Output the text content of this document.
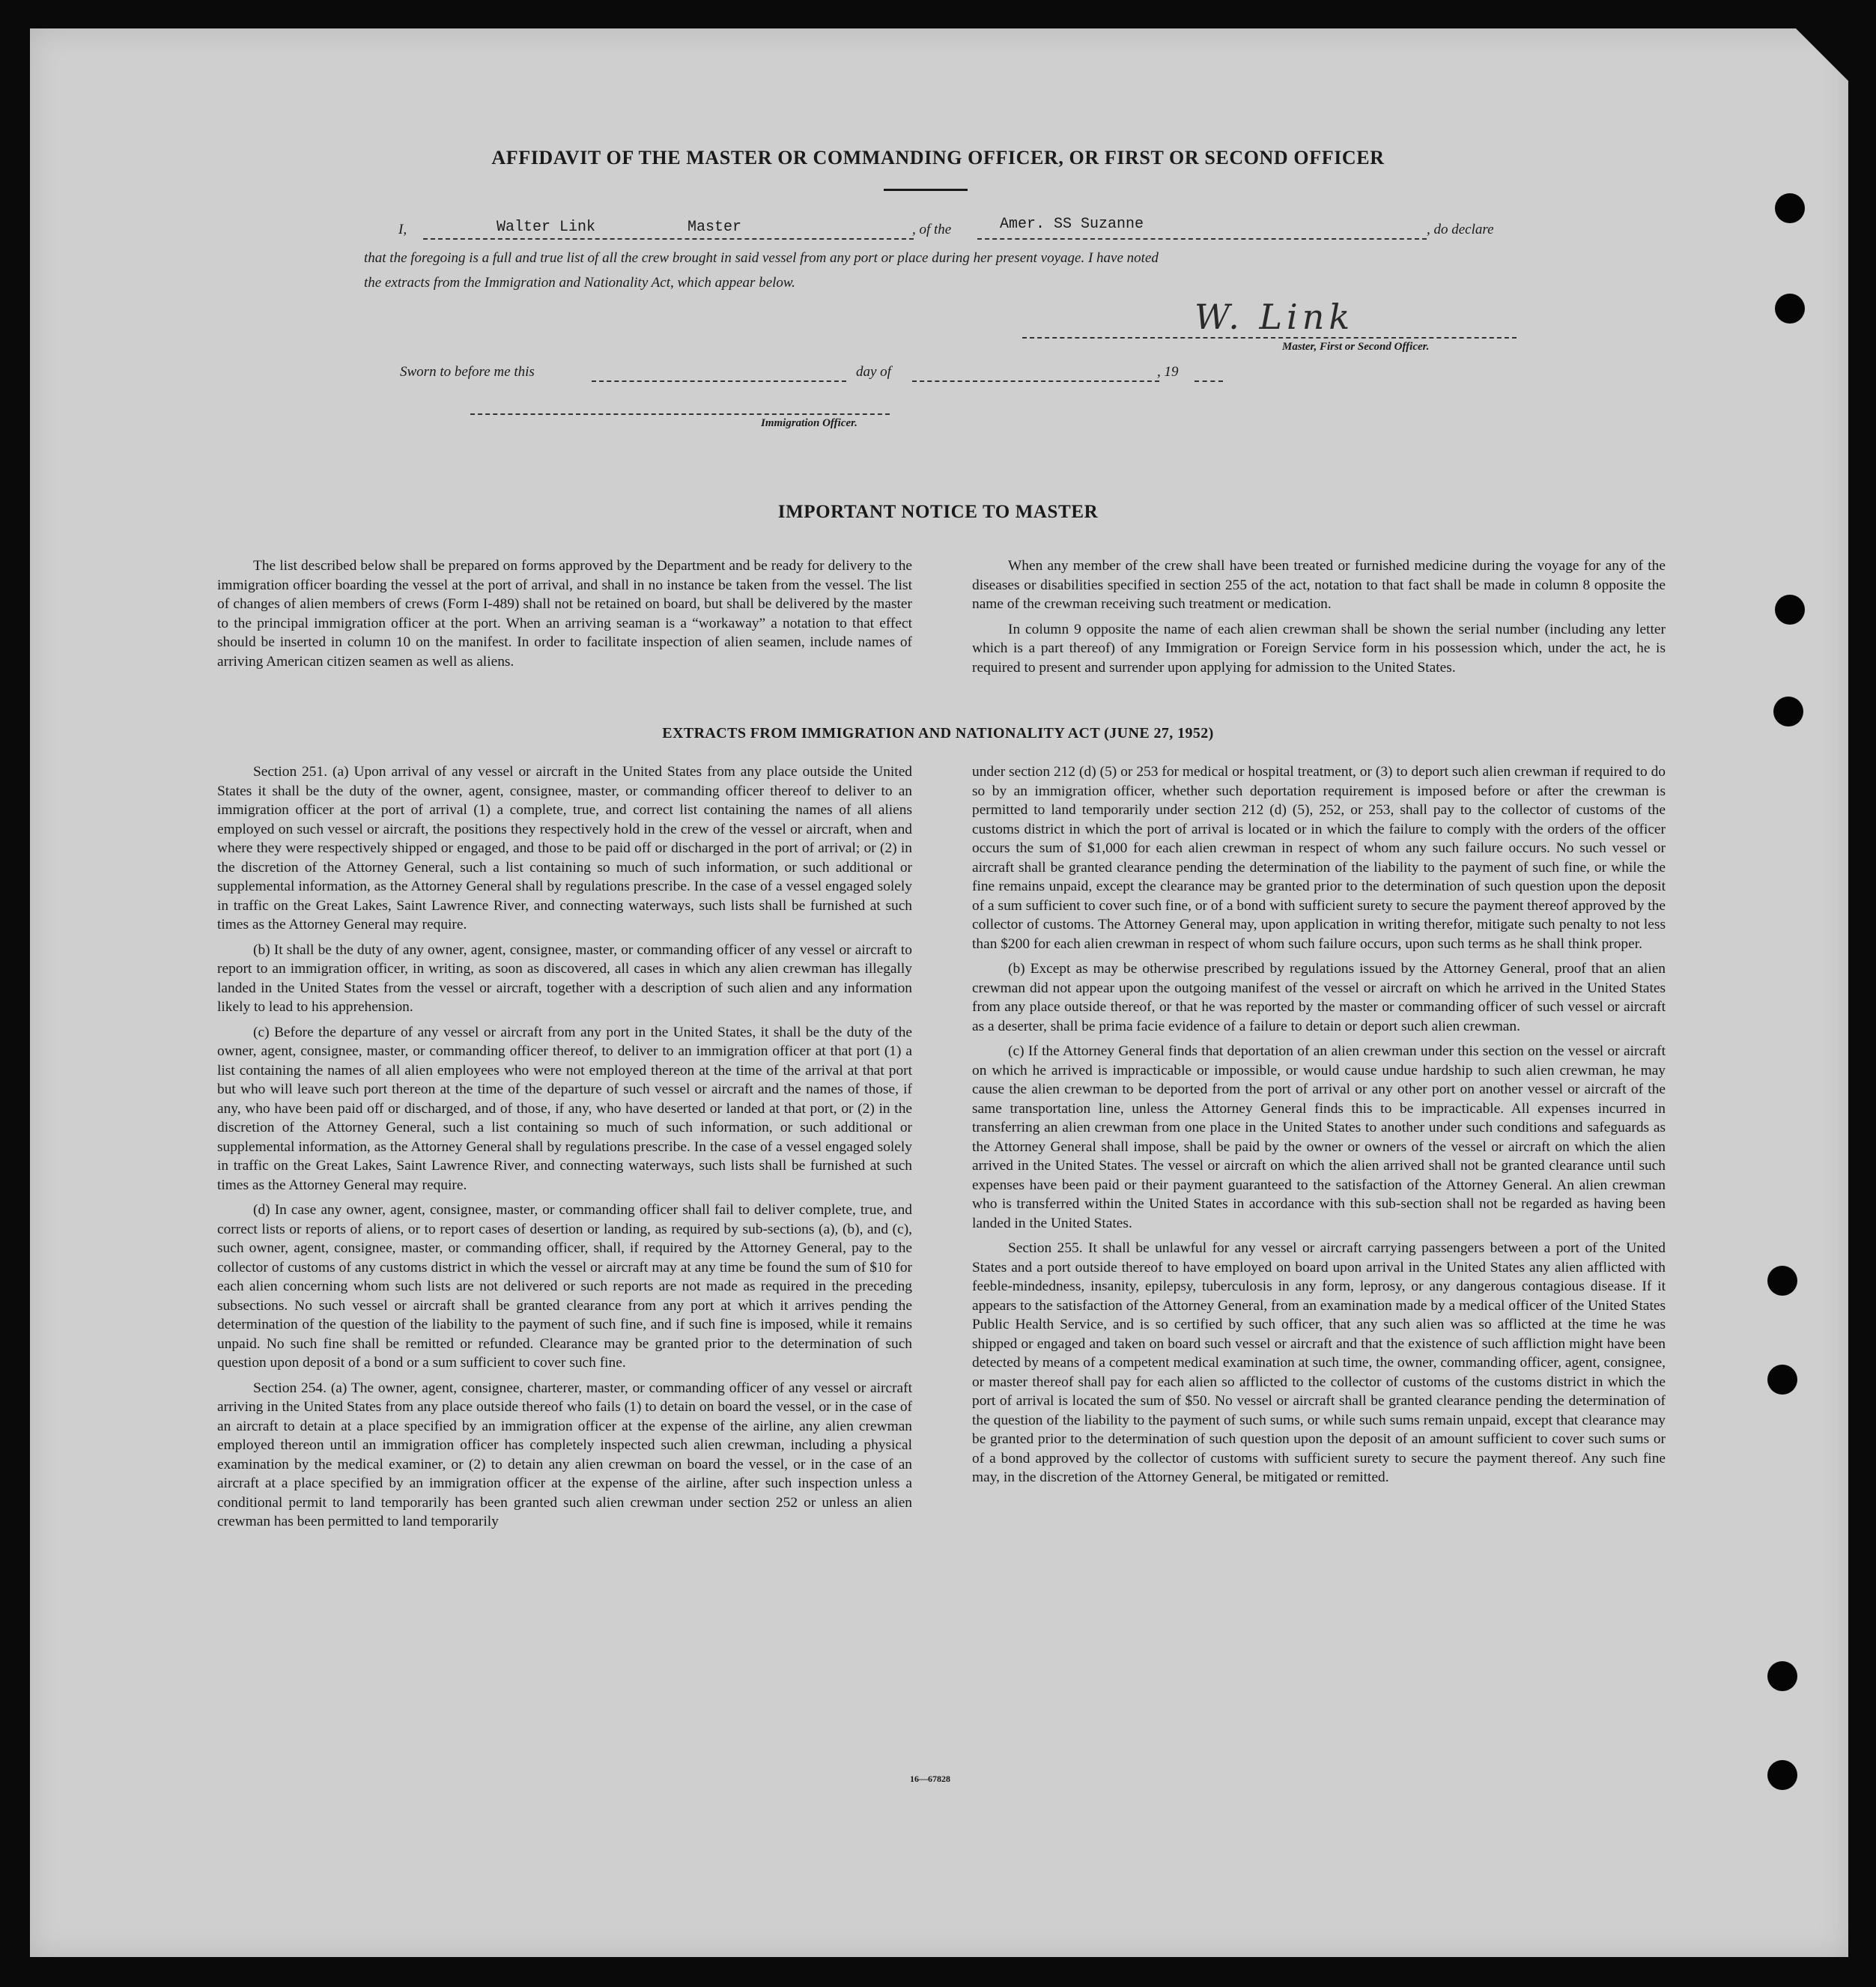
AFFIDAVIT OF THE MASTER OR COMMANDING OFFICER, OR FIRST OR SECOND OFFICER
I,	Walter Link	Master	, of the	Amer. SS Suzanne	, do declare
that the foregoing is a full and true list of all the crew brought in said vessel from any port or place during her present voyage. I have noted
the extracts from the Immigration and Nationality Act, which appear below.
W. Link
Master, First or Second Officer.
Sworn to before me this	day of	, 19
Immigration Officer.
IMPORTANT NOTICE TO MASTER

The list described below shall be prepared on forms approved by the Department and be ready for delivery to the immigration officer boarding the vessel at the port of arrival, and shall in no instance be taken from the vessel. The list of changes of alien members of crews (Form I-489) shall not be retained on board, but shall be delivered by the master to the principal immigration officer at the port. When an arriving seaman is a “workaway” a notation to that effect should be inserted in column 10 on the manifest. In order to facilitate inspection of alien seamen, include names of arriving American citizen seamen as well as aliens.

When any member of the crew shall have been treated or furnished medicine during the voyage for any of the diseases or disabilities specified in section 255 of the act, notation to that fact shall be made in column 8 opposite the name of the crewman receiving such treatment or medication.

In column 9 opposite the name of each alien crewman shall be shown the serial number (including any letter which is a part thereof) of any Immigration or Foreign Service form in his possession which, under the act, he is required to present and surrender upon applying for admission to the United States.

EXTRACTS FROM IMMIGRATION AND NATIONALITY ACT (JUNE 27, 1952)

Section 251. (a) Upon arrival of any vessel or aircraft in the United States from any place outside the United States it shall be the duty of the owner, agent, consignee, master, or commanding officer thereof to deliver to an immigration officer at the port of arrival (1) a complete, true, and correct list containing the names of all aliens employed on such vessel or aircraft, the positions they respectively hold in the crew of the vessel or aircraft, when and where they were respectively shipped or engaged, and those to be paid off or discharged in the port of arrival; or (2) in the discretion of the Attorney General, such a list containing so much of such information, or such additional or supplemental information, as the Attorney General shall by regulations prescribe. In the case of a vessel engaged solely in traffic on the Great Lakes, Saint Lawrence River, and connecting waterways, such lists shall be furnished at such times as the Attorney General may require.

(b) It shall be the duty of any owner, agent, consignee, master, or commanding officer of any vessel or aircraft to report to an immigration officer, in writing, as soon as discovered, all cases in which any alien crewman has illegally landed in the United States from the vessel or aircraft, together with a description of such alien and any information likely to lead to his apprehension.

(c) Before the departure of any vessel or aircraft from any port in the United States, it shall be the duty of the owner, agent, consignee, master, or commanding officer thereof, to deliver to an immigration officer at that port (1) a list containing the names of all alien employees who were not employed thereon at the time of the arrival at that port but who will leave such port thereon at the time of the departure of such vessel or aircraft and the names of those, if any, who have been paid off or discharged, and of those, if any, who have deserted or landed at that port, or (2) in the discretion of the Attorney General, such a list containing so much of such information, or such additional or supplemental information, as the Attorney General shall by regulations prescribe. In the case of a vessel engaged solely in traffic on the Great Lakes, Saint Lawrence River, and connecting waterways, such lists shall be furnished at such times as the Attorney General may require.

(d) In case any owner, agent, consignee, master, or commanding officer shall fail to deliver complete, true, and correct lists or reports of aliens, or to report cases of desertion or landing, as required by sub-sections (a), (b), and (c), such owner, agent, consignee, master, or commanding officer, shall, if required by the Attorney General, pay to the collector of customs of any customs district in which the vessel or aircraft may at any time be found the sum of $10 for each alien concerning whom such lists are not delivered or such reports are not made as required in the preceding subsections. No such vessel or aircraft shall be granted clearance from any port at which it arrives pending the determination of the question of the liability to the payment of such fine, and if such fine is imposed, while it remains unpaid. No such fine shall be remitted or refunded. Clearance may be granted prior to the determination of such question upon deposit of a bond or a sum sufficient to cover such fine.

Section 254. (a) The owner, agent, consignee, charterer, master, or commanding officer of any vessel or aircraft arriving in the United States from any place outside thereof who fails (1) to detain on board the vessel, or in the case of an aircraft to detain at a place specified by an immigration officer at the expense of the airline, any alien crewman employed thereon until an immigration officer has completely inspected such alien crewman, including a physical examination by the medical examiner, or (2) to detain any alien crewman on board the vessel, or in the case of an aircraft at a place specified by an immigration officer at the expense of the airline, after such inspection unless a conditional permit to land temporarily has been granted such alien crewman under section 252 or unless an alien crewman has been permitted to land temporarily

under section 212 (d) (5) or 253 for medical or hospital treatment, or (3) to deport such alien crewman if required to do so by an immigration officer, whether such deportation requirement is imposed before or after the crewman is permitted to land temporarily under section 212 (d) (5), 252, or 253, shall pay to the collector of customs of the customs district in which the port of arrival is located or in which the failure to comply with the orders of the officer occurs the sum of $1,000 for each alien crewman in respect of whom any such failure occurs. No such vessel or aircraft shall be granted clearance pending the determination of the liability to the payment of such fine, or while the fine remains unpaid, except the clearance may be granted prior to the determination of such question upon the deposit of a sum sufficient to cover such fine, or of a bond with sufficient surety to secure the payment thereof approved by the collector of customs. The Attorney General may, upon application in writing therefor, mitigate such penalty to not less than $200 for each alien crewman in respect of whom such failure occurs, upon such terms as he shall think proper.

(b) Except as may be otherwise prescribed by regulations issued by the Attorney General, proof that an alien crewman did not appear upon the outgoing manifest of the vessel or aircraft on which he arrived in the United States from any place outside thereof, or that he was reported by the master or commanding officer of such vessel or aircraft as a deserter, shall be prima facie evidence of a failure to detain or deport such alien crewman.

(c) If the Attorney General finds that deportation of an alien crewman under this section on the vessel or aircraft on which he arrived is impracticable or impossible, or would cause undue hardship to such alien crewman, he may cause the alien crewman to be deported from the port of arrival or any other port on another vessel or aircraft of the same transportation line, unless the Attorney General finds this to be impracticable. All expenses incurred in transferring an alien crewman from one place in the United States to another under such conditions and safeguards as the Attorney General shall impose, shall be paid by the owner or owners of the vessel or aircraft on which the alien arrived in the United States. The vessel or aircraft on which the alien arrived shall not be granted clearance until such expenses have been paid or their payment guaranteed to the satisfaction of the Attorney General. An alien crewman who is transferred within the United States in accordance with this sub-section shall not be regarded as having been landed in the United States.

Section 255. It shall be unlawful for any vessel or aircraft carrying passengers between a port of the United States and a port outside thereof to have employed on board upon arrival in the United States any alien afflicted with feeble-mindedness, insanity, epilepsy, tuberculosis in any form, leprosy, or any dangerous contagious disease. If it appears to the satisfaction of the Attorney General, from an examination made by a medical officer of the United States Public Health Service, and is so certified by such officer, that any such alien was so afflicted at the time he was shipped or engaged and taken on board such vessel or aircraft and that the existence of such affliction might have been detected by means of a competent medical examination at such time, the owner, commanding officer, agent, consignee, or master thereof shall pay for each alien so afflicted to the collector of customs of the customs district in which the port of arrival is located the sum of $50. No vessel or aircraft shall be granted clearance pending the determination of the question of the liability to the payment of such sums, or while such sums remain unpaid, except that clearance may be granted prior to the determination of such question upon the deposit of an amount sufficient to cover such sums or of a bond approved by the collector of customs with sufficient surety to secure the payment thereof. Any such fine may, in the discretion of the Attorney General, be mitigated or remitted.

16—67828
